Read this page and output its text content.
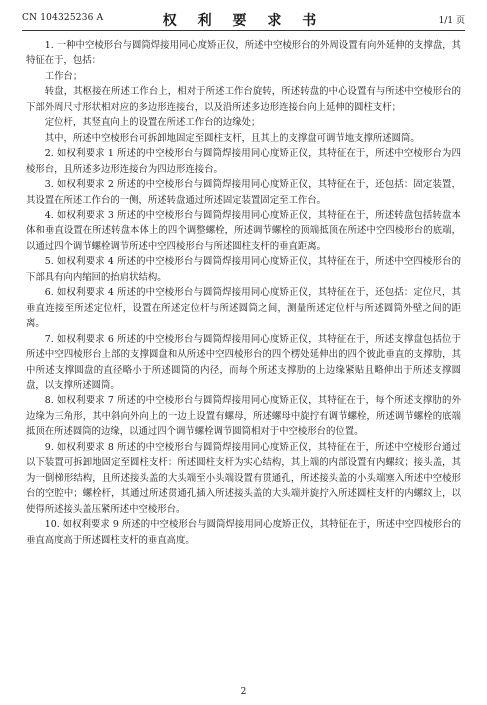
CN 104325236 A	权 利 要 求 书	1/1 页

1. 一种中空棱形台与圆筒焊接用同心度矫正仪，所述中空棱形台的外周设置有向外延伸的支撑盘，其特征在于，包括：

工作台；

转盘，其枢接在所述工作台上，相对于所述工作台旋转，所述转盘的中心设置有与所述中空棱形台的下部外周尺寸形状相对应的多边形连接台，以及沿所述多边形连接台向上延伸的圆柱支杆；

定位杆，其竖直向上的设置在所述工作台的边缘处；

其中，所述中空棱形台可拆卸地固定至圆柱支杆，且其上的支撑盘可调节地支撑所述圆筒。

2. 如权利要求 1 所述的中空棱形台与圆筒焊接用同心度矫正仪，其特征在于，所述中空棱形台为四棱形台，且所述多边形连接台为四边形连接台。

3. 如权利要求 2 所述的中空棱形台与圆筒焊接用同心度矫正仪，其特征在于，还包括：固定装置，其设置在所述工作台的一侧，所述转盘通过所述固定装置固定至工作台。

4. 如权利要求 3 所述的中空棱形台与圆筒焊接用同心度矫正仪，其特征在于，所述转盘包括转盘本体和垂直设置在所述转盘本体上的四个调整螺栓，所述调节螺栓的顶端抵顶在所述中空四棱形台的底端，以通过四个调节螺栓调节所述中空四棱形台与所述圆柱支杆的垂直距离。

5. 如权利要求 4 所述的中空棱形台与圆筒焊接用同心度矫正仪，其特征在于，所述中空四棱形台的下部具有向内缩回的抬肩状结构。

6. 如权利要求 4 所述的中空棱形台与圆筒焊接用同心度矫正仪，其特征在于，还包括：定位尺，其垂直连接至所述定位杆，设置在所述定位杆与所述圆筒之间，测量所述定位杆与所述圆筒外壁之间的距离。

7. 如权利要求 6 所述的中空棱形台与圆筒焊接用同心度矫正仪，其特征在于，所述支撑盘包括位于所述中空四棱形台上部的支撑圆盘和从所述中空四棱形台的四个楞处延伸出的四个彼此垂直的支撑肋，其中所述支撑圆盘的直径略小于所述圆筒的内径，而每个所述支撑肋的上边缘紧贴且略伸出于所述支撑圆盘，以支撑所述圆筒。

8. 如权利要求 7 所述的中空棱形台与圆筒焊接用同心度矫正仪，其特征在于，每个所述支撑肋的外边缘为三角形，其中斜向外向上的一边上设置有螺母，所述螺母中旋拧有调节螺栓，所述调节螺栓的底端抵顶在所述圆筒的边缘，以通过四个调节螺栓调节圆筒相对于中空棱形台的位置。

9. 如权利要求 8 所述的中空棱形台与圆筒焊接用同心度矫正仪，其特征在于，所述中空棱形台通过以下装置可拆卸地固定至圆柱支杆：所述圆柱支杆为实心结构，其上端的内部设置有内螺纹；接头盖，其为一倒梯形结构，且所述接头盖的大头端至小头端设置有贯通孔，所述接头盖的小头端塞入所述中空棱形台的空腔中；螺栓杆，其通过所述贯通孔插入所述接头盖的大头端并旋拧入所述圆柱支杆的内螺纹上，以使得所述接头盖压紧所述中空棱形台。

10. 如权利要求 9 所述的中空棱形台与圆筒焊接用同心度矫正仪，其特征在于，所述中空四棱形台的垂直高度高于所述圆柱支杆的垂直高度。

2
